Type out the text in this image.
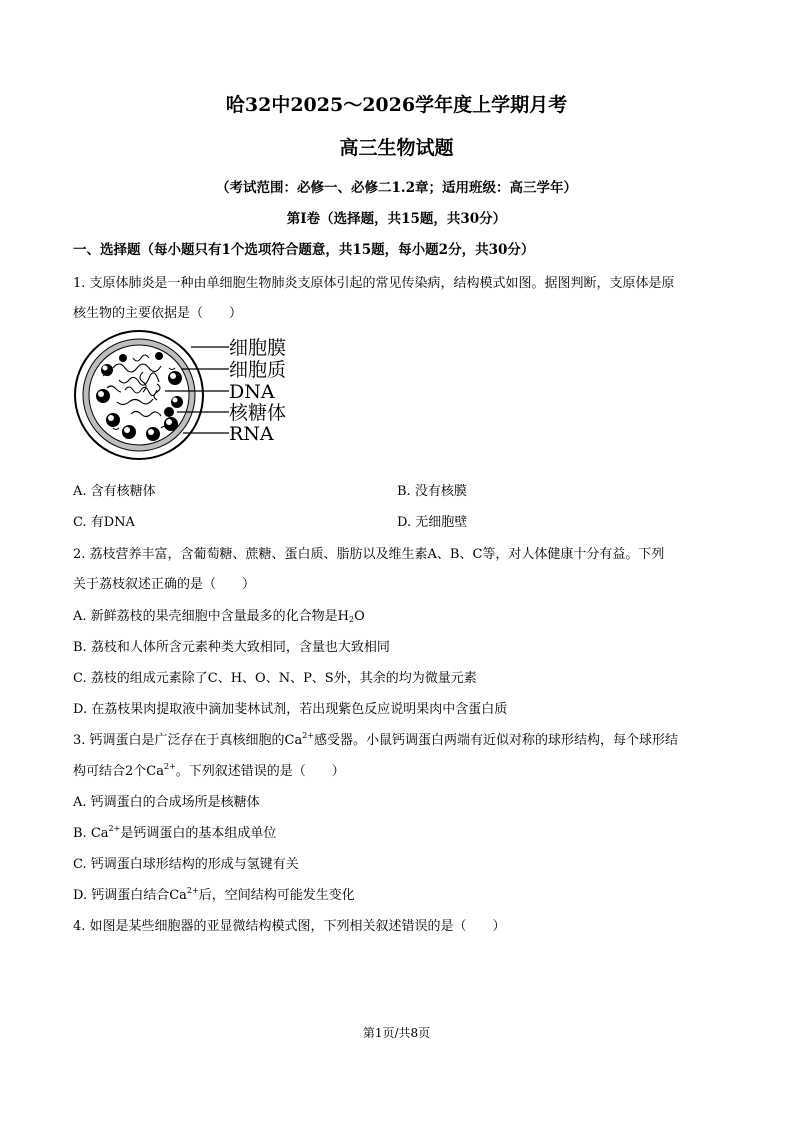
哈32中2025～2026学年度上学期月考
高三生物试题
（考试范围：必修一、必修二1.2章；适用班级：高三学年）
第Ⅰ卷（选择题，共15题，共30分）
一、选择题（每小题只有1个选项符合题意，共15题，每小题2分，共30分）
1. 支原体肺炎是一种由单细胞生物肺炎支原体引起的常见传染病，结构模式如图。据图判断，支原体是原
核生物的主要依据是（　　）
细胞膜
细胞质
DNA
核糖体
RNA
A. 含有核糖体	B. 没有核膜
C. 有DNA	D. 无细胞壁
2. 荔枝营养丰富，含葡萄糖、蔗糖、蛋白质、脂肪以及维生素A、B、C等，对人体健康十分有益。下列
关于荔枝叙述正确的是（　　）
A. 新鲜荔枝的果壳细胞中含量最多的化合物是$H_2O$
B. 荔枝和人体所含元素种类大致相同，含量也大致相同
C. 荔枝的组成元素除了C、H、O、N、P、S外，其余的均为微量元素
D. 在荔枝果肉提取液中滴加斐林试剂，若出现紫色反应说明果肉中含蛋白质
3. 钙调蛋白是广泛存在于真核细胞的$Ca^{2+}$感受器。小鼠钙调蛋白两端有近似对称的球形结构，每个球形结
构可结合2个$Ca^{2+}$。下列叙述错误的是（　　）
A. 钙调蛋白的合成场所是核糖体
B. $Ca^{2+}$是钙调蛋白的基本组成单位
C. 钙调蛋白球形结构的形成与氢键有关
D. 钙调蛋白结合$Ca^{2+}$后，空间结构可能发生变化
4. 如图是某些细胞器的亚显微结构模式图，下列相关叙述错误的是（　　）
第1页/共8页
